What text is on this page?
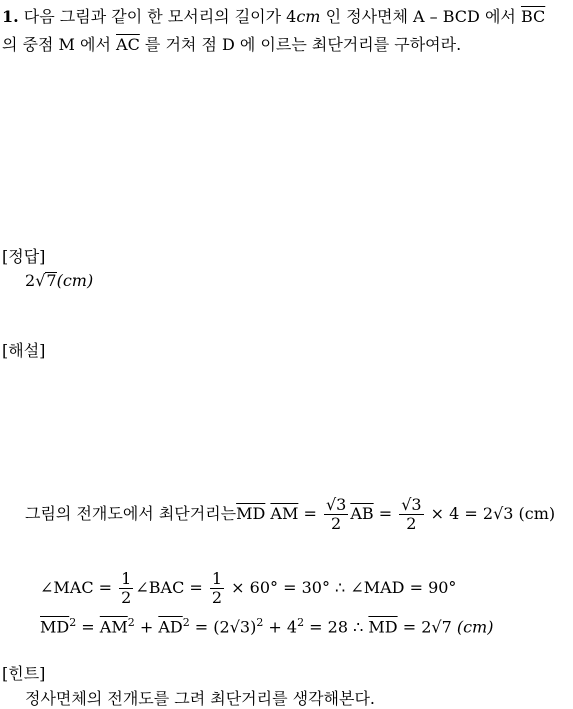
1. 다음 그림과 같이 한 모서리의 길이가 4cm 인 정사면체 A – BCD 에서 $\overline{BC}$
의 중점 M 에서 $\overline{AC}$ 를 거쳐 점 D 에 이르는 최단거리를 구하여라.
[정답]
2√7(cm)
[해설]
그림의 전개도에서 최단거리는$\overline{MD}$ $\overline{AM} = \frac{√3}{2} \overline{AB} = \frac{√3}{2} \times 4 = 2√3$ (cm)
∠MAC = $\frac{1}{2}$ ∠BAC = $\frac{1}{2} \times 60^\circ = 30^\circ$ ∴ ∠MAD = 90°
$\overline{MD}^2 = \overline{AM}^2 + \overline{AD}^2 = (2√3)^2 + 4^2 = 28$ ∴ $\overline{MD} = 2√7$ (cm)
[힌트]
정사면체의 전개도를 그려 최단거리를 생각해본다.
